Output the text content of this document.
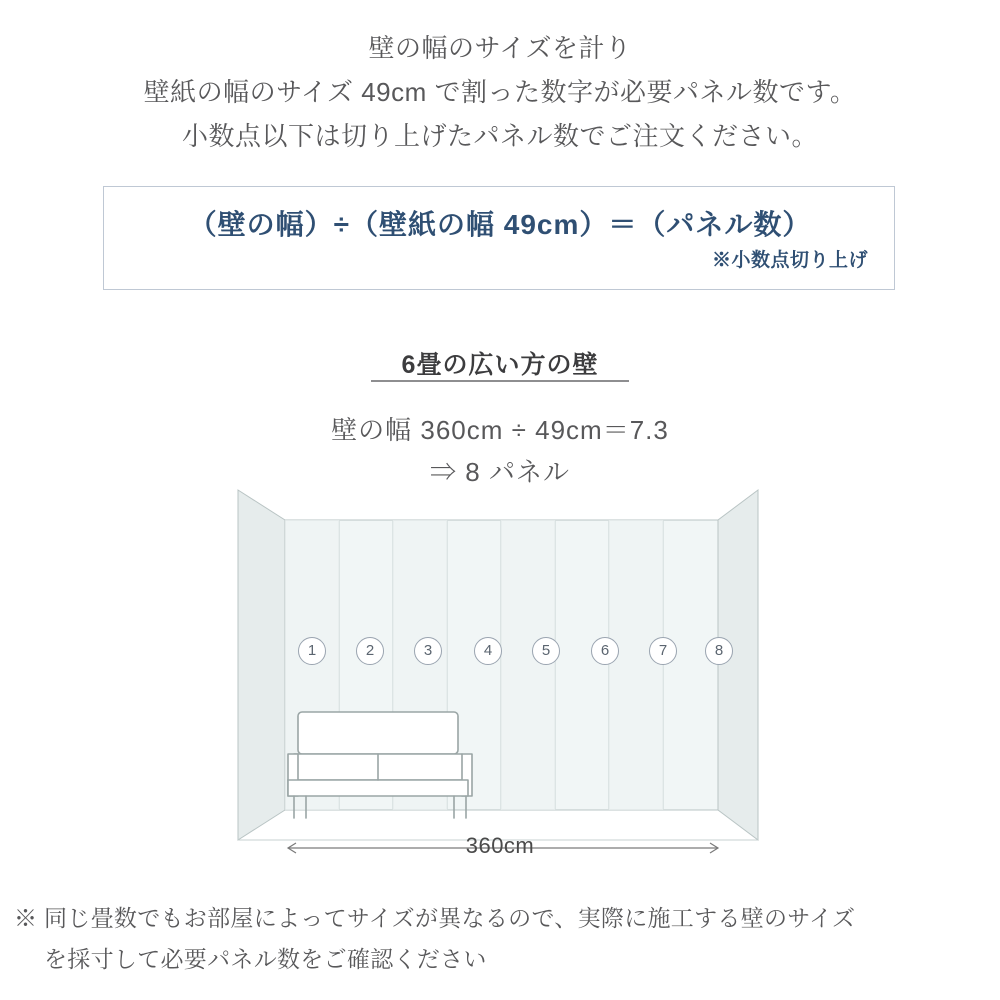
壁の幅のサイズを計り
壁紙の幅のサイズ 49cm で割った数字が必要パネル数です。
小数点以下は切り上げたパネル数でご注文ください。
（壁の幅）÷（壁紙の幅 49cm）＝（パネル数）
※小数点切り上げ
6畳の広い方の壁
壁の幅 360cm ÷ 49cm＝7.3
⇒ 8 パネル
1	2	3	4	5	6	7	8
360cm
※ 同じ畳数でもお部屋によってサイズが異なるので、実際に施工する壁のサイズ
を採寸して必要パネル数をご確認ください
